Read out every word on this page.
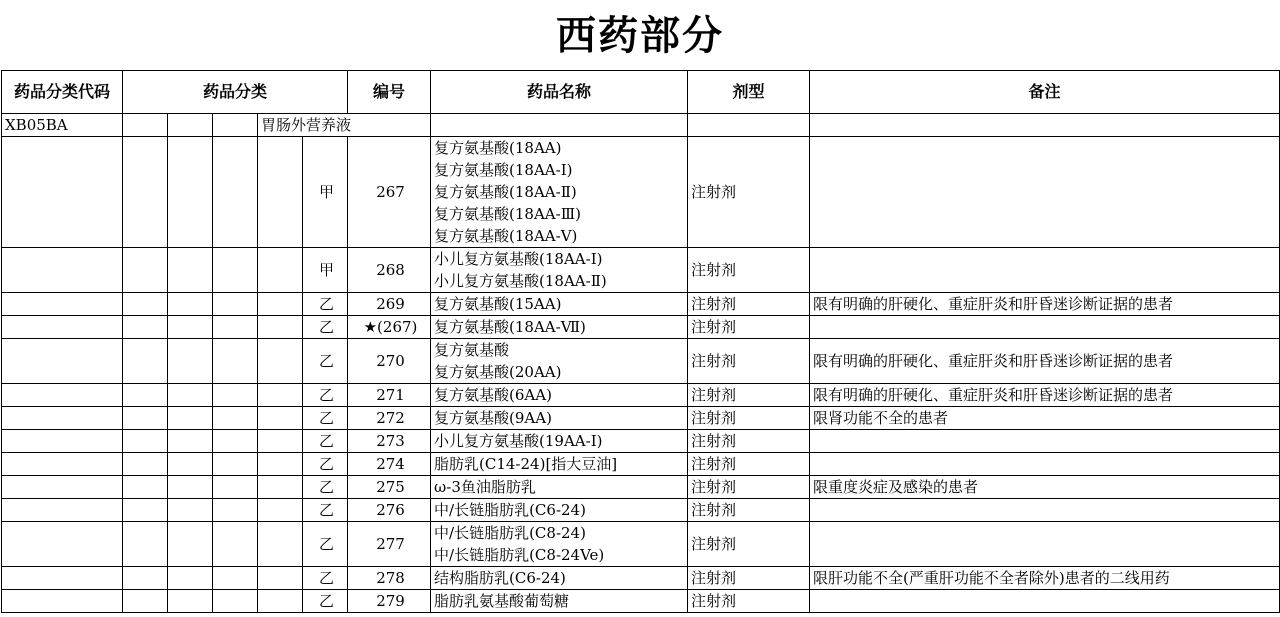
西药部分
药品分类代码	药品分类					编号	药品名称	剂型	备注
XB05BA				胃肠外营养液					
					甲	267	复方氨基酸(18AA)
复方氨基酸(18AA-Ⅰ)
复方氨基酸(18AA-Ⅱ)
复方氨基酸(18AA-Ⅲ)
复方氨基酸(18AA-Ⅴ)	注射剂	
					甲	268	小儿复方氨基酸(18AA-Ⅰ)
小儿复方氨基酸(18AA-Ⅱ)	注射剂	
					乙	269	复方氨基酸(15AA)	注射剂	限有明确的肝硬化、重症肝炎和肝昏迷诊断证据的患者
					乙	★(267)	复方氨基酸(18AA-Ⅶ)	注射剂	
					乙	270	复方氨基酸
复方氨基酸(20AA)	注射剂	限有明确的肝硬化、重症肝炎和肝昏迷诊断证据的患者
					乙	271	复方氨基酸(6AA)	注射剂	限有明确的肝硬化、重症肝炎和肝昏迷诊断证据的患者
					乙	272	复方氨基酸(9AA)	注射剂	限肾功能不全的患者
					乙	273	小儿复方氨基酸(19AA-Ⅰ)	注射剂	
					乙	274	脂肪乳(C14-24)[指大豆油]	注射剂	
					乙	275	ω-3鱼油脂肪乳	注射剂	限重度炎症及感染的患者
					乙	276	中/长链脂肪乳(C6-24)	注射剂	
					乙	277	中/长链脂肪乳(C8-24)
中/长链脂肪乳(C8-24Ve)	注射剂	
					乙	278	结构脂肪乳(C6-24)	注射剂	限肝功能不全(严重肝功能不全者除外)患者的二线用药
					乙	279	脂肪乳氨基酸葡萄糖	注射剂	
